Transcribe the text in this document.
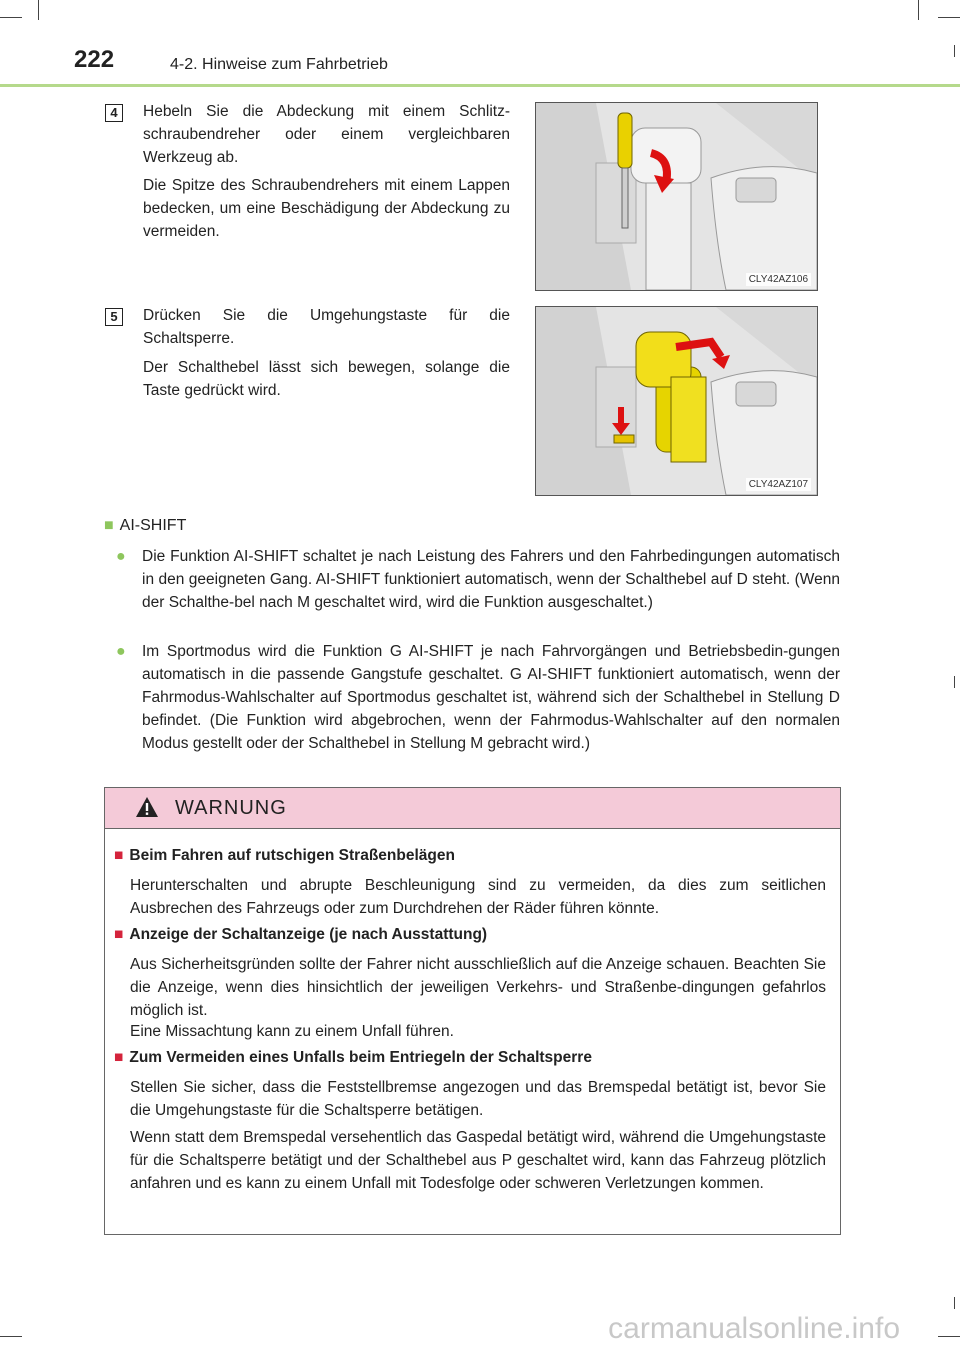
222	4-2. Hinweise zum Fahrbetrieb
4	Hebeln Sie die Abdeckung mit einem Schlitz-schraubendreher oder einem vergleichbaren Werkzeug ab.

Die Spitze des Schraubendrehers mit einem Lappen bedecken, um eine Beschädigung der Abdeckung zu vermeiden.

CLY42AZ106
5	Drücken Sie die Umgehungstaste für die Schaltsperre.

Der Schalthebel lässt sich bewegen, solange die Taste gedrückt wird.

CLY42AZ107
■ AI-SHIFT
● Die Funktion AI-SHIFT schaltet je nach Leistung des Fahrers und den Fahrbedingungen automatisch in den geeigneten Gang. AI-SHIFT funktioniert automatisch, wenn der Schalthebel auf D steht. (Wenn der Schalthe-bel nach M geschaltet wird, wird die Funktion ausgeschaltet.)
● Im Sportmodus wird die Funktion G AI-SHIFT je nach Fahrvorgängen und Betriebsbedin-gungen automatisch in die passende Gangstufe geschaltet. G AI-SHIFT funktioniert automatisch, wenn der Fahrmodus-Wahlschalter auf Sportmodus geschaltet ist, während sich der Schalthebel in Stellung D befindet. (Die Funktion wird abgebrochen, wenn der Fahrmodus-Wahlschalter auf den normalen Modus gestellt oder der Schalthebel in Stellung M gebracht wird.)
WARNUNG
■ Beim Fahren auf rutschigen Straßenbelägen

Herunterschalten und abrupte Beschleunigung sind zu vermeiden, da dies zum seitlichen Ausbrechen des Fahrzeugs oder zum Durchdrehen der Räder führen könnte.

■ Anzeige der Schaltanzeige (je nach Ausstattung)

Aus Sicherheitsgründen sollte der Fahrer nicht ausschließlich auf die Anzeige schauen. Beachten Sie die Anzeige, wenn dies hinsichtlich der jeweiligen Verkehrs- und Straßenbe-dingungen gefahrlos möglich ist.

Eine Missachtung kann zu einem Unfall führen.

■ Zum Vermeiden eines Unfalls beim Entriegeln der Schaltsperre

Stellen Sie sicher, dass die Feststellbremse angezogen und das Bremspedal betätigt ist, bevor Sie die Umgehungstaste für die Schaltsperre betätigen.

Wenn statt dem Bremspedal versehentlich das Gaspedal betätigt wird, während die Umgehungstaste für die Schaltsperre betätigt und der Schalthebel aus P geschaltet wird, kann das Fahrzeug plötzlich anfahren und es kann zu einem Unfall mit Todesfolge oder schweren Verletzungen kommen.

carmanualsonline.info
